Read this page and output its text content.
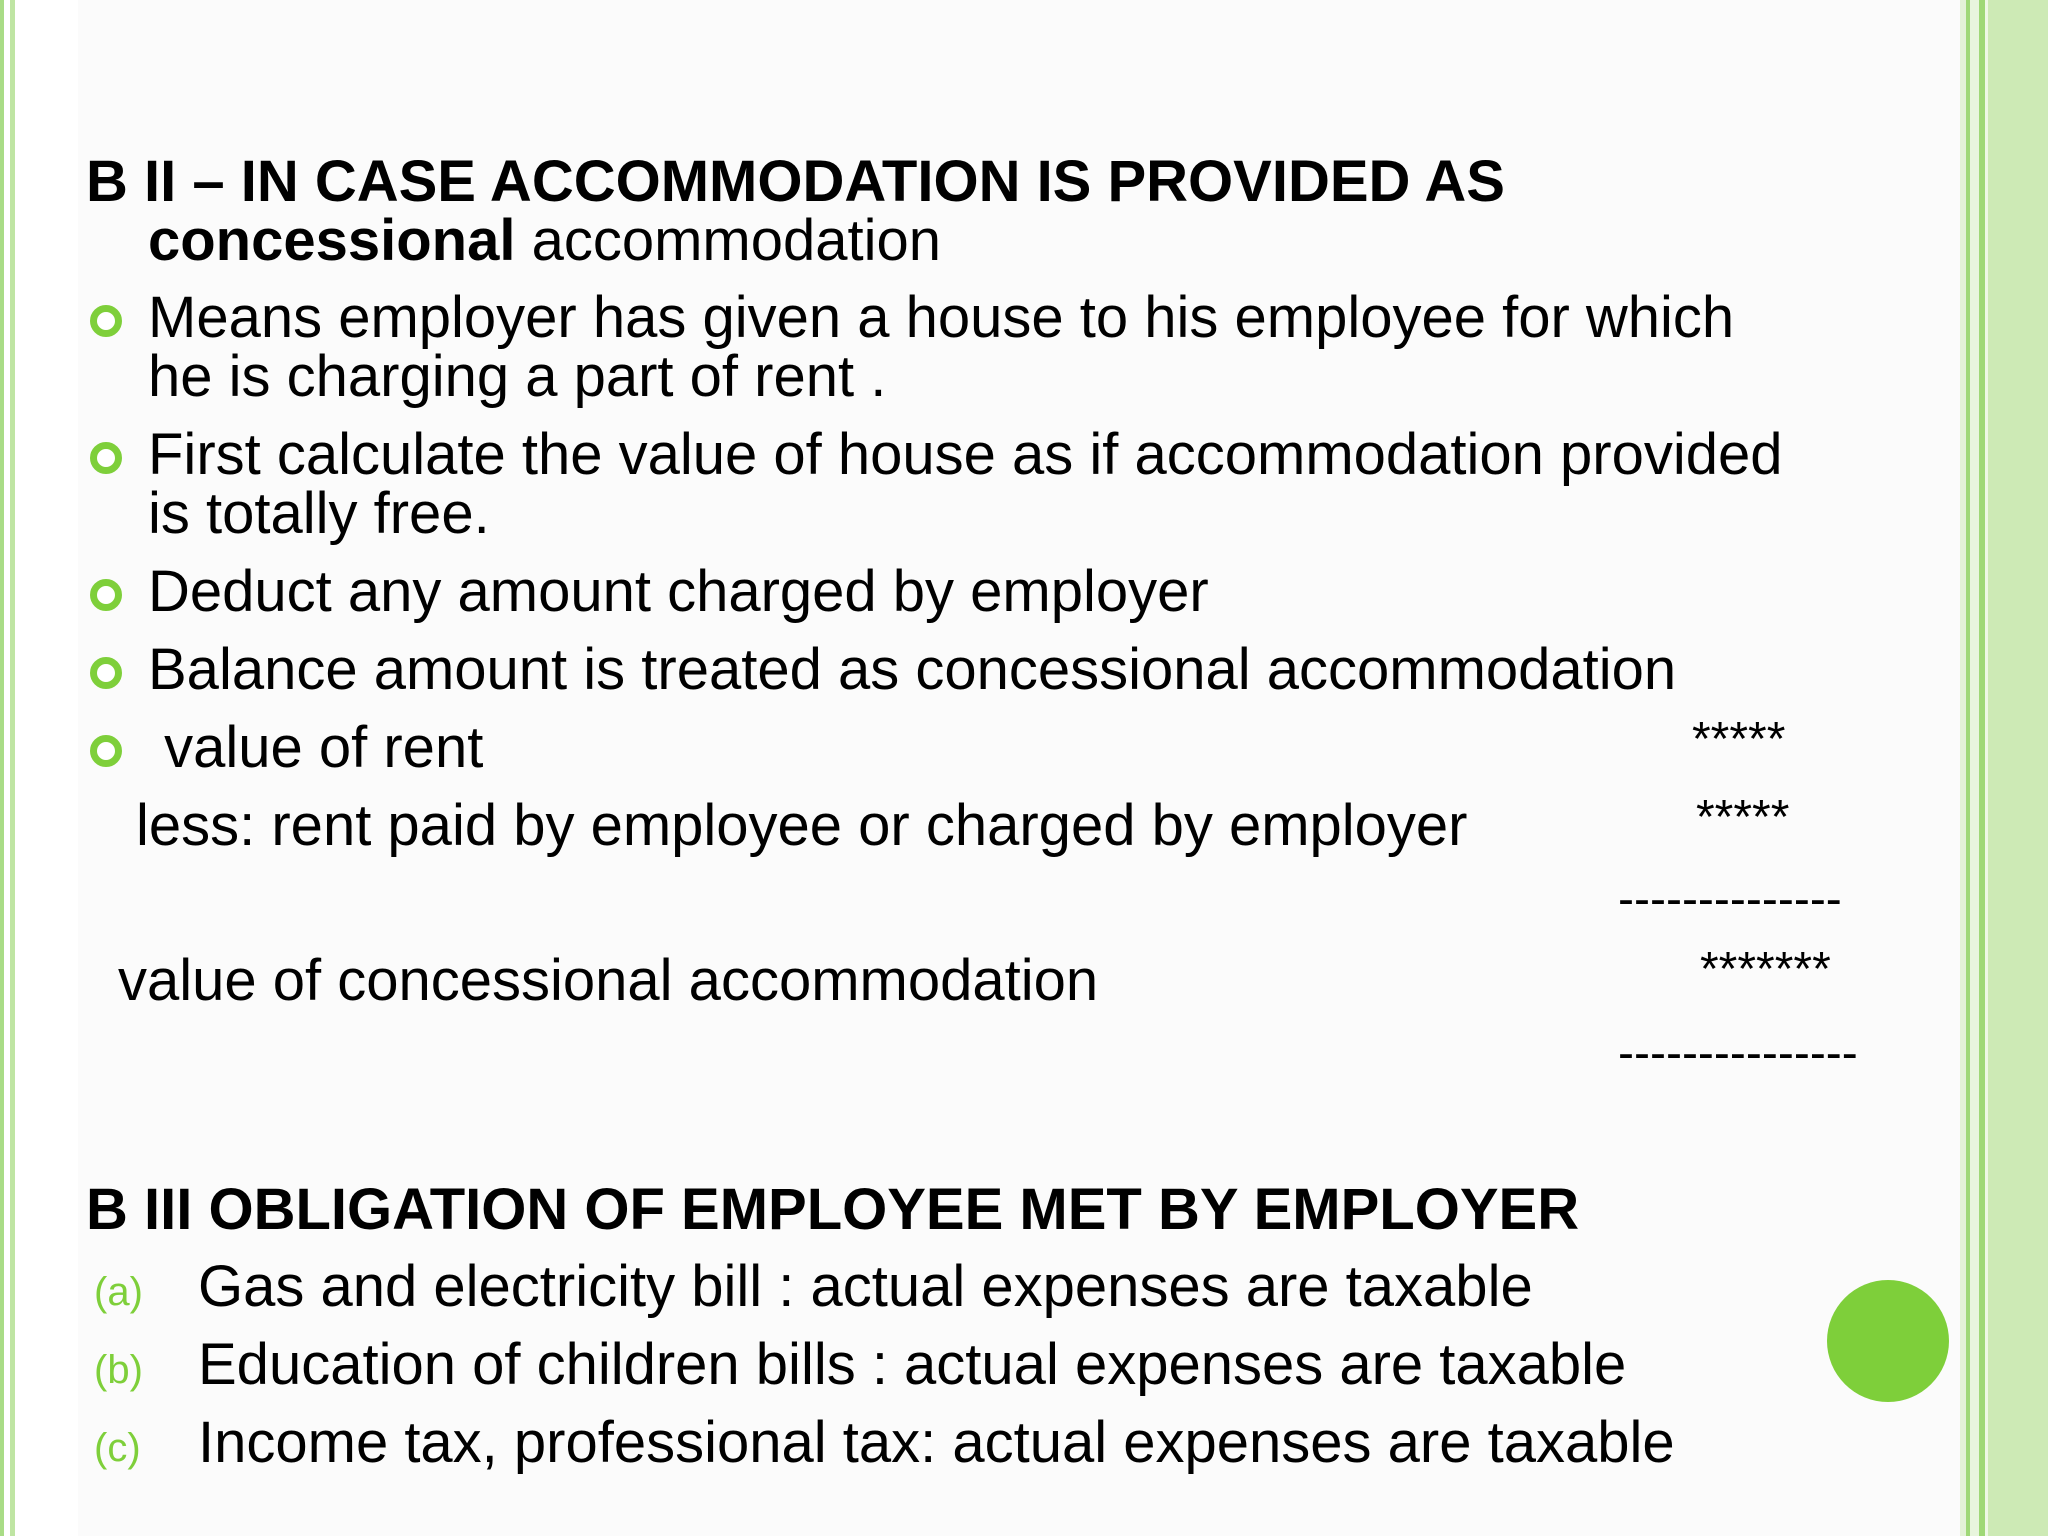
B II – IN CASE ACCOMMODATION IS PROVIDED AS
concessional accommodation
Means employer has given a house to his employee for which
he is charging a part of rent .
First calculate the value of house as if accommodation provided
is totally free.
Deduct any amount charged by employer
Balance amount is treated as concessional accommodation
value of rent	*****
less: rent paid by employee or charged by employer	*****
--------------
value of concessional accommodation	*******
---------------
B III OBLIGATION OF EMPLOYEE MET BY EMPLOYER
(a) Gas and electricity bill : actual expenses are taxable
(b) Education of children bills : actual expenses are taxable
(c) Income tax, professional tax: actual expenses are taxable
